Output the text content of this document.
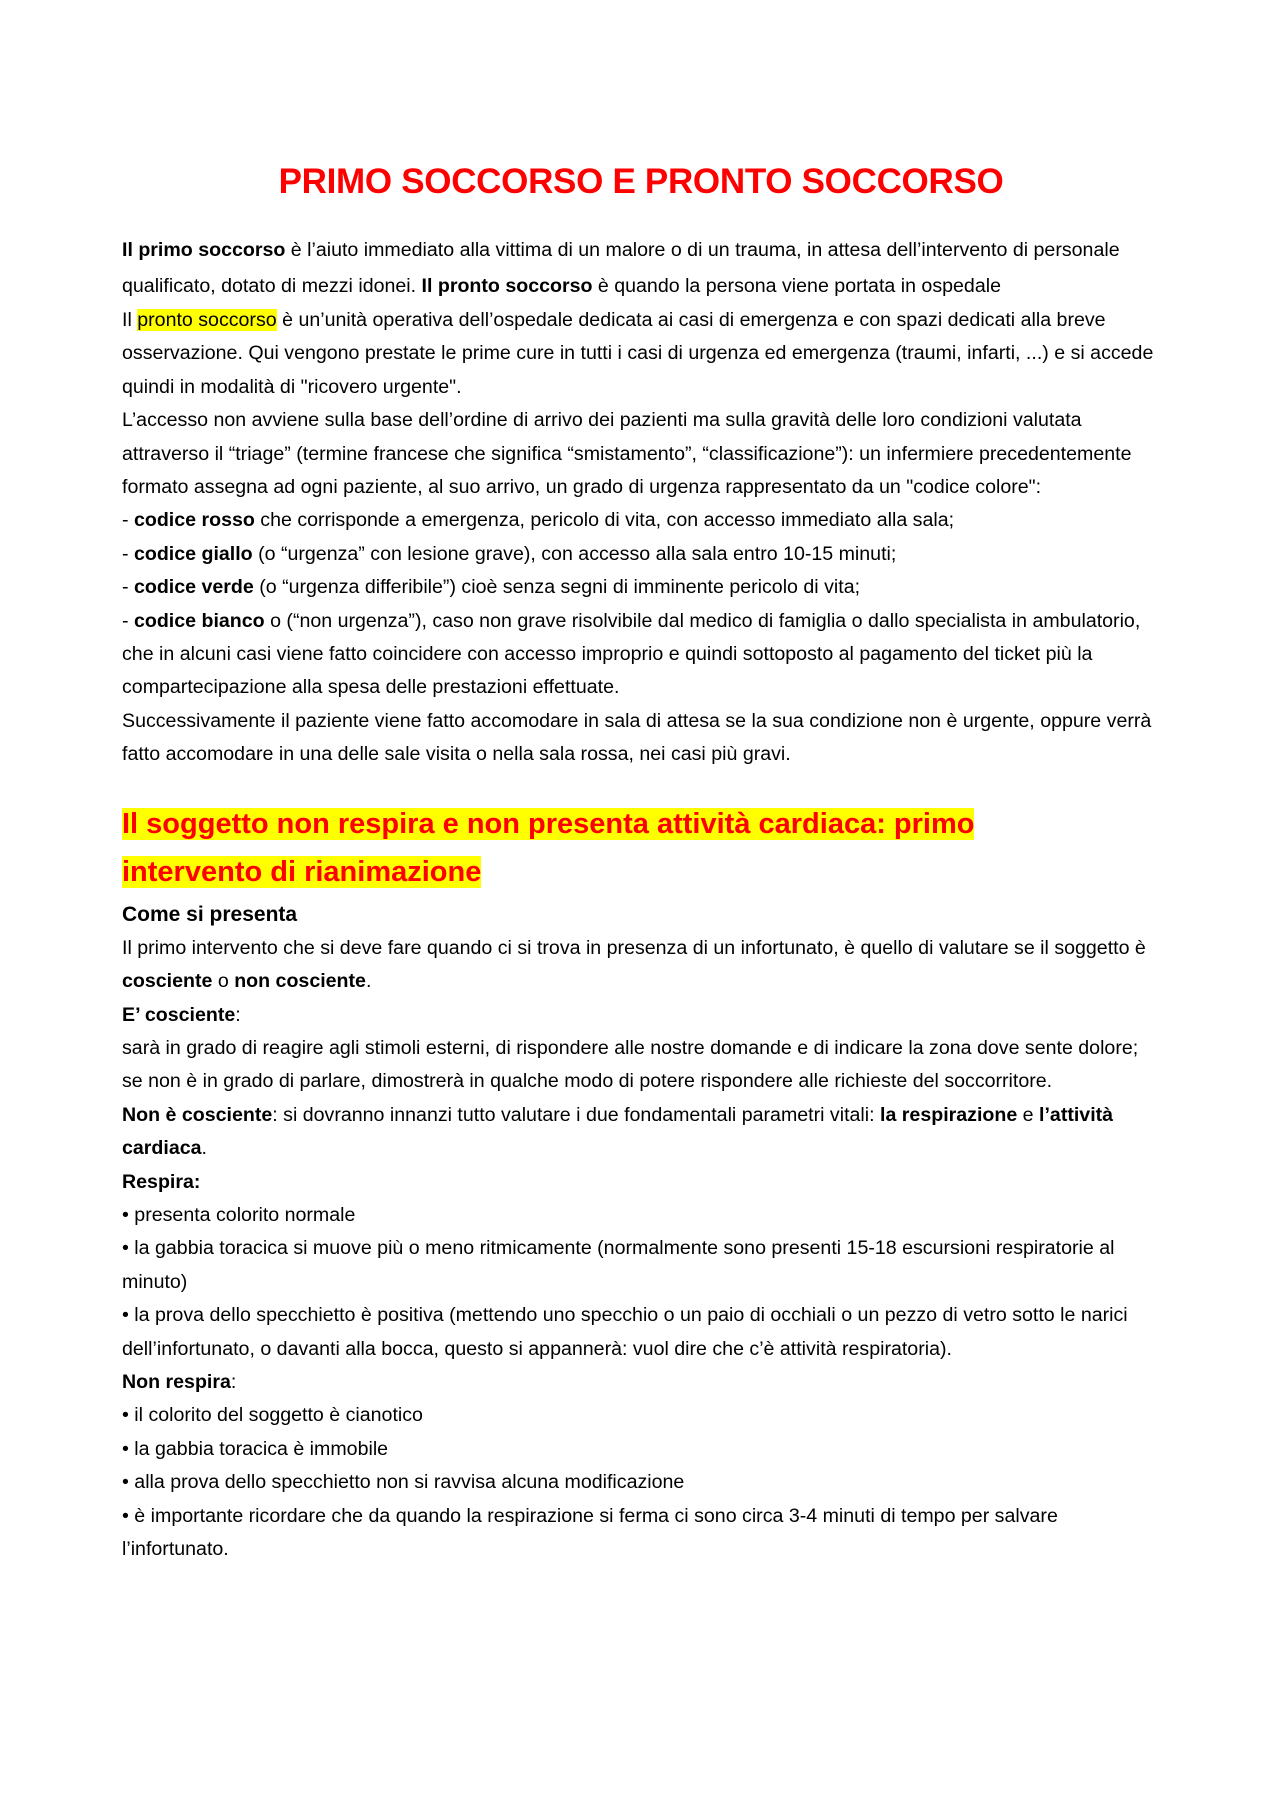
PRIMO SOCCORSO E PRONTO SOCCORSO

Il primo soccorso è l’aiuto immediato alla vittima di un malore o di un trauma, in attesa dell’intervento di personale qualificato, dotato di mezzi idonei. Il pronto soccorso è quando la persona viene portata in ospedale

Il pronto soccorso è un’unità operativa dell’ospedale dedicata ai casi di emergenza e con spazi dedicati alla breve osservazione. Qui vengono prestate le prime cure in tutti i casi di urgenza ed emergenza (traumi, infarti, ...) e si accede quindi in modalità di "ricovero urgente".

L’accesso non avviene sulla base dell’ordine di arrivo dei pazienti ma sulla gravità delle loro condizioni valutata attraverso il “triage” (termine francese che significa “smistamento”, “classificazione”): un infermiere precedentemente formato assegna ad ogni paziente, al suo arrivo, un grado di urgenza rappresentato da un "codice colore":

- codice rosso che corrisponde a emergenza, pericolo di vita, con accesso immediato alla sala;

- codice giallo (o “urgenza” con lesione grave), con accesso alla sala entro 10-15 minuti;

- codice verde (o “urgenza differibile”) cioè senza segni di imminente pericolo di vita;

- codice bianco o (“non urgenza”), caso non grave risolvibile dal medico di famiglia o dallo specialista in ambulatorio, che in alcuni casi viene fatto coincidere con accesso improprio e quindi sottoposto al pagamento del ticket più la compartecipazione alla spesa delle prestazioni effettuate.

Successivamente il paziente viene fatto accomodare in sala di attesa se la sua condizione non è urgente, oppure verrà fatto accomodare in una delle sale visita o nella sala rossa, nei casi più gravi.

Il soggetto non respira e non presenta attività cardiaca: primo
intervento di rianimazione
Come si presenta

Il primo intervento che si deve fare quando ci si trova in presenza di un infortunato, è quello di valutare se il soggetto è cosciente o non cosciente.

E’ cosciente:

sarà in grado di reagire agli stimoli esterni, di rispondere alle nostre domande e di indicare la zona dove sente dolore; se non è in grado di parlare, dimostrerà in qualche modo di potere rispondere alle richieste del soccorritore.

Non è cosciente: si dovranno innanzi tutto valutare i due fondamentali parametri vitali: la respirazione e l’attività cardiaca.

Respira:

• presenta colorito normale

• la gabbia toracica si muove più o meno ritmicamente (normalmente sono presenti 15-18 escursioni respiratorie al minuto)

• la prova dello specchietto è positiva (mettendo uno specchio o un paio di occhiali o un pezzo di vetro sotto le narici dell’infortunato, o davanti alla bocca, questo si appannerà: vuol dire che c’è attività respiratoria).

Non respira:

• il colorito del soggetto è cianotico

• la gabbia toracica è immobile

• alla prova dello specchietto non si ravvisa alcuna modificazione

• è importante ricordare che da quando la respirazione si ferma ci sono circa 3-4 minuti di tempo per salvare l’infortunato.
